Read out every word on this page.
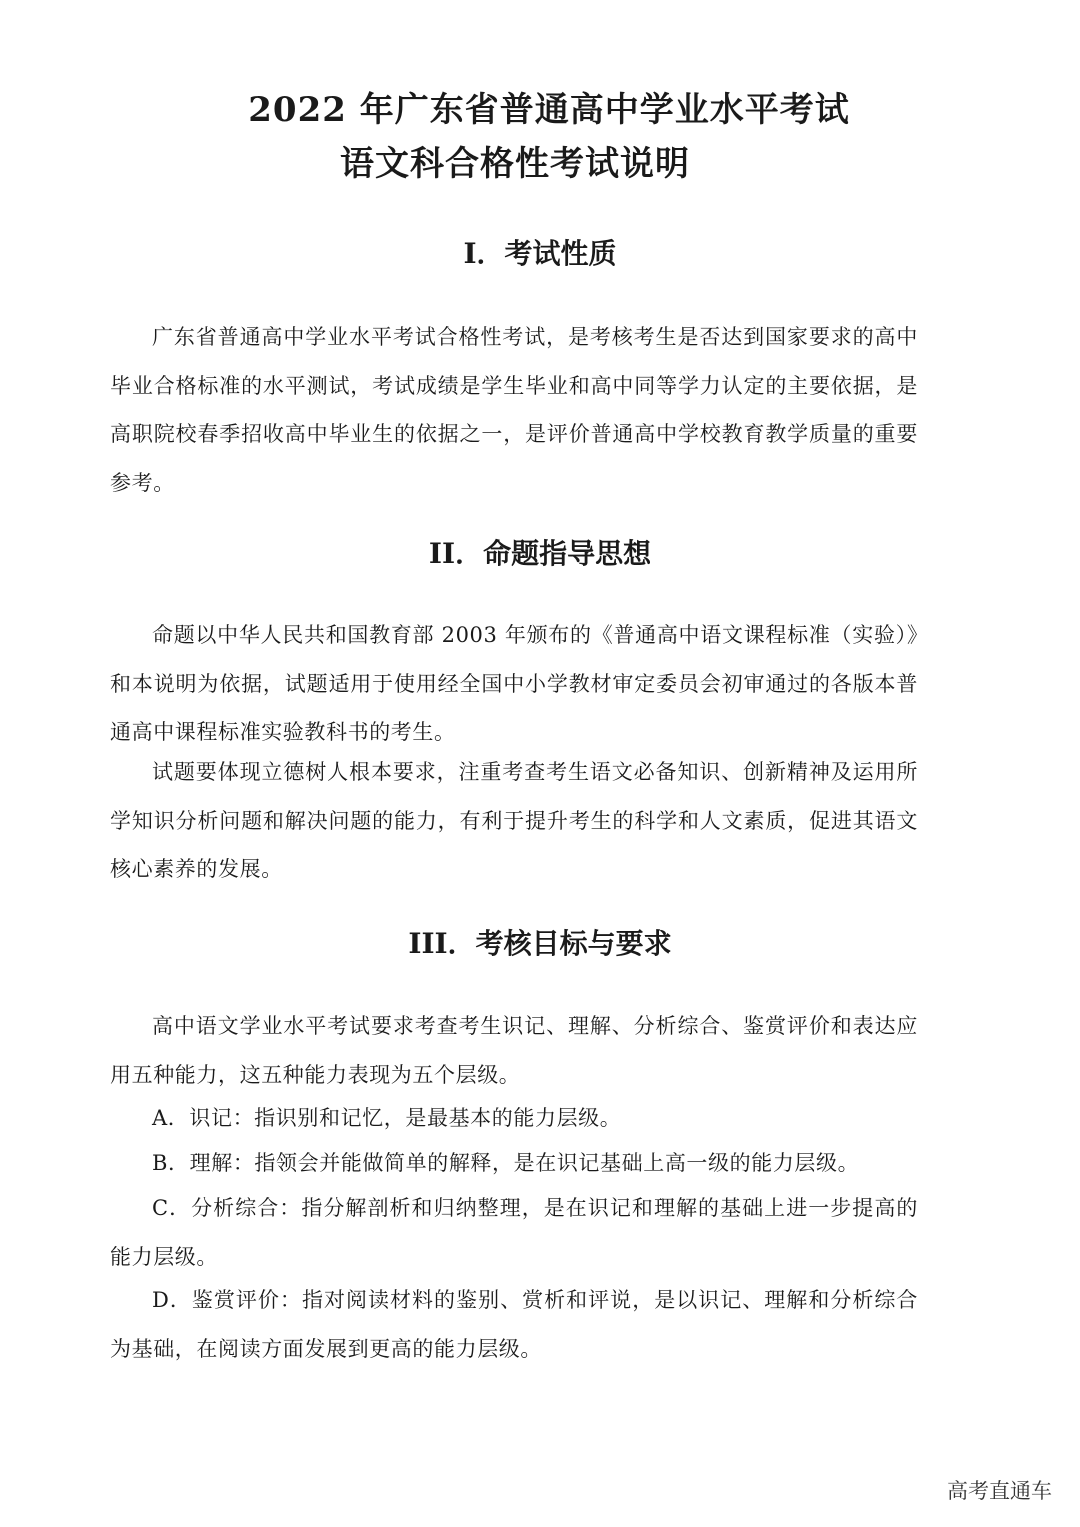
2022 年广东省普通高中学业水平考试
语文科合格性考试说明
I．考试性质

广东省普通高中学业水平考试合格性考试，是考核考生是否达到国家要求的高中毕业合格标准的水平测试，考试成绩是学生毕业和高中同等学力认定的主要依据，是高职院校春季招收高中毕业生的依据之一，是评价普通高中学校教育教学质量的重要参考。

II．命题指导思想

命题以中华人民共和国教育部 2003 年颁布的《普通高中语文课程标准（实验）》和本说明为依据，试题适用于使用经全国中小学教材审定委员会初审通过的各版本普通高中课程标准实验教科书的考生。

试题要体现立德树人根本要求，注重考查考生语文必备知识、创新精神及运用所学知识分析问题和解决问题的能力，有利于提升考生的科学和人文素质，促进其语文核心素养的发展。

III．考核目标与要求

高中语文学业水平考试要求考查考生识记、理解、分析综合、鉴赏评价和表达应用五种能力，这五种能力表现为五个层级。

A．识记：指识别和记忆，是最基本的能力层级。

B．理解：指领会并能做简单的解释，是在识记基础上高一级的能力层级。

C．分析综合：指分解剖析和归纳整理，是在识记和理解的基础上进一步提高的能力层级。

D．鉴赏评价：指对阅读材料的鉴别、赏析和评说，是以识记、理解和分析综合为基础，在阅读方面发展到更高的能力层级。

高考直通车
